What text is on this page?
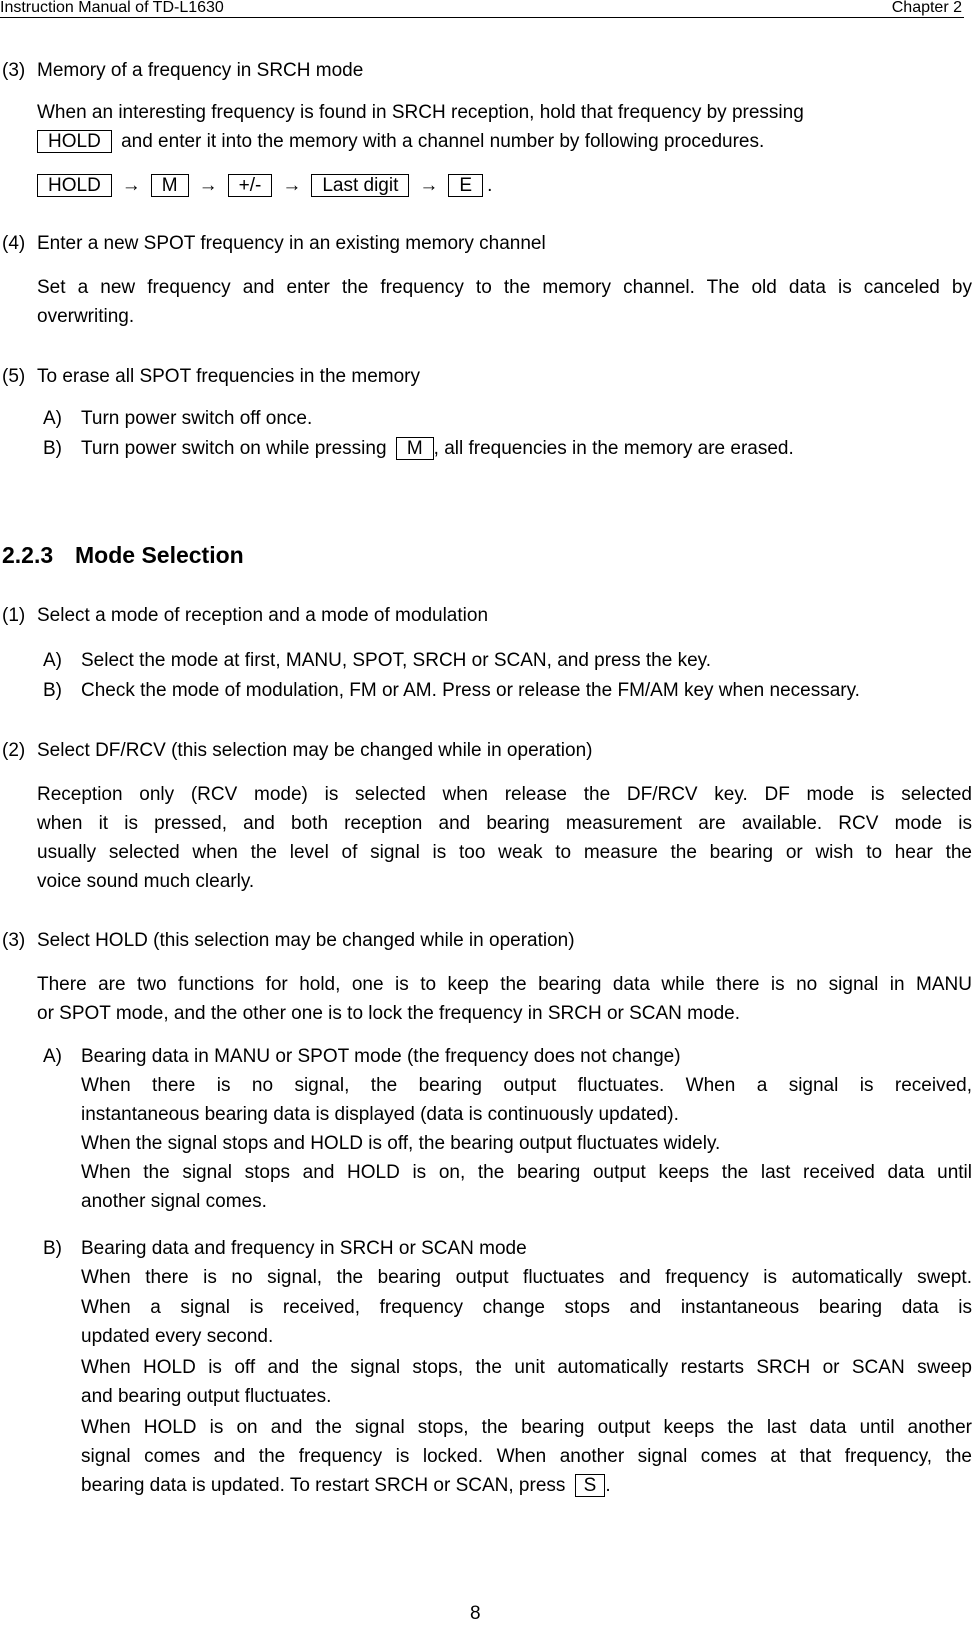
Instruction Manual of TD-L1630	Chapter 2
(3) Memory of a frequency in SRCH mode
When an interesting frequency is found in SRCH reception, hold that frequency by pressing
HOLD and enter it into the memory with a channel number by following procedures.
HOLD → M → +/- → Last digit → E .
(4) Enter a new SPOT frequency in an existing memory channel
Set a new frequency and enter the frequency to the memory channel. The old data is canceled by
overwriting.
(5) To erase all SPOT frequencies in the memory
A) Turn power switch off once.
B) Turn power switch on while pressing M , all frequencies in the memory are erased.
2.2.3 Mode Selection
(1) Select a mode of reception and a mode of modulation
A) Select the mode at first, MANU, SPOT, SRCH or SCAN, and press the key.
B) Check the mode of modulation, FM or AM. Press or release the FM/AM key when necessary.
(2) Select DF/RCV (this selection may be changed while in operation)
Reception only (RCV mode) is selected when release the DF/RCV key. DF mode is selected
when it is pressed, and both reception and bearing measurement are available. RCV mode is
usually selected when the level of signal is too weak to measure the bearing or wish to hear the
voice sound much clearly.
(3) Select HOLD (this selection may be changed while in operation)
There are two functions for hold, one is to keep the bearing data while there is no signal in MANU
or SPOT mode, and the other one is to lock the frequency in SRCH or SCAN mode.
A) Bearing data in MANU or SPOT mode (the frequency does not change)
When there is no signal, the bearing output fluctuates. When a signal is received,
instantaneous bearing data is displayed (data is continuously updated).
When the signal stops and HOLD is off, the bearing output fluctuates widely.
When the signal stops and HOLD is on, the bearing output keeps the last received data until
another signal comes.
B) Bearing data and frequency in SRCH or SCAN mode
When there is no signal, the bearing output fluctuates and frequency is automatically swept.
When a signal is received, frequency change stops and instantaneous bearing data is
updated every second.
When HOLD is off and the signal stops, the unit automatically restarts SRCH or SCAN sweep
and bearing output fluctuates.
When HOLD is on and the signal stops, the bearing output keeps the last data until another
signal comes and the frequency is locked. When another signal comes at that frequency, the
bearing data is updated. To restart SRCH or SCAN, press S .
8
